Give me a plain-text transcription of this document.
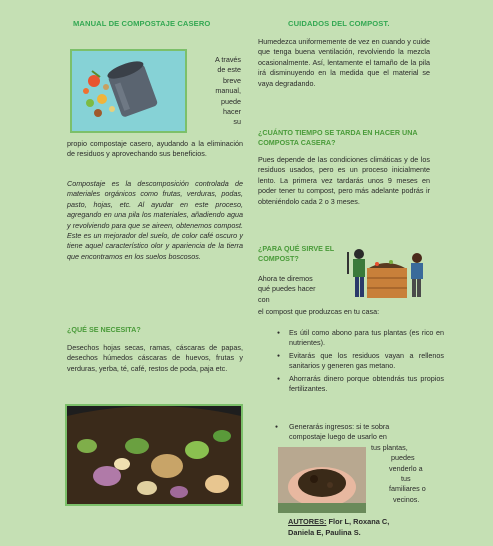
MANUAL DE COMPOSTAJE CASERO
A través
de este
breve
manual,
puede
hacer
su
propio compostaje casero, ayudando a la eliminación de residuos y aprovechando sus beneficios.
Compostaje es la descomposición controlada de materiales orgánicos como frutas, verduras, podas, pasto, hojas, etc. Al ayudar en este proceso, agregando en una pila los materiales, añadiendo agua y revolviendo para que se aireen, obtenemos compost. Este es un mejorador del suelo, de color café oscuro y tiene aquel característico olor y apariencia de la tierra que encontramos en los suelos boscosos.
¿QUÉ SE NECESITA?
Desechos hojas secas, ramas, cáscaras de papas, desechos húmedos cáscaras de huevos, frutas y verduras, yerba, té, café, restos de poda, paja etc.
CUIDADOS DEL COMPOST.
Humedezca uniformemente de vez en cuando y cuide que tenga buena ventilación, revolviendo la mezcla ocasionalmente. Así, lentamente el tamaño de la pila irá disminuyendo en la medida que el material se vaya degradando.
¿CUÁNTO TIEMPO SE TARDA EN HACER UNA COMPOSTA CASERA?
Pues depende de las condiciones climáticas y de los residuos usados, pero es un proceso inicialmente lento. La primera vez tardarás unos 9 meses en poder tener tu compost, pero más adelante podrás ir obteniéndolo cada 2 o 3 meses.
¿PARA QUÉ SIRVE EL COMPOST?
Ahora te diremos
qué puedes hacer
con
el compost que produzcas en tu casa:
● Es útil como abono para tus plantas (es rico en nutrientes).
● Evitarás que los residuos vayan a rellenos sanitarios y generen gas metano.
● Ahorrarás dinero porque obtendrás tus propios fertilizantes.
● Generarás ingresos: si te sobra
compostaje luego de usarlo en
tus plantas,
puedes
venderlo a
tus
familiares o
vecinos.
AUTORES: Flor L, Roxana C,
Daniela E, Paulina S.
